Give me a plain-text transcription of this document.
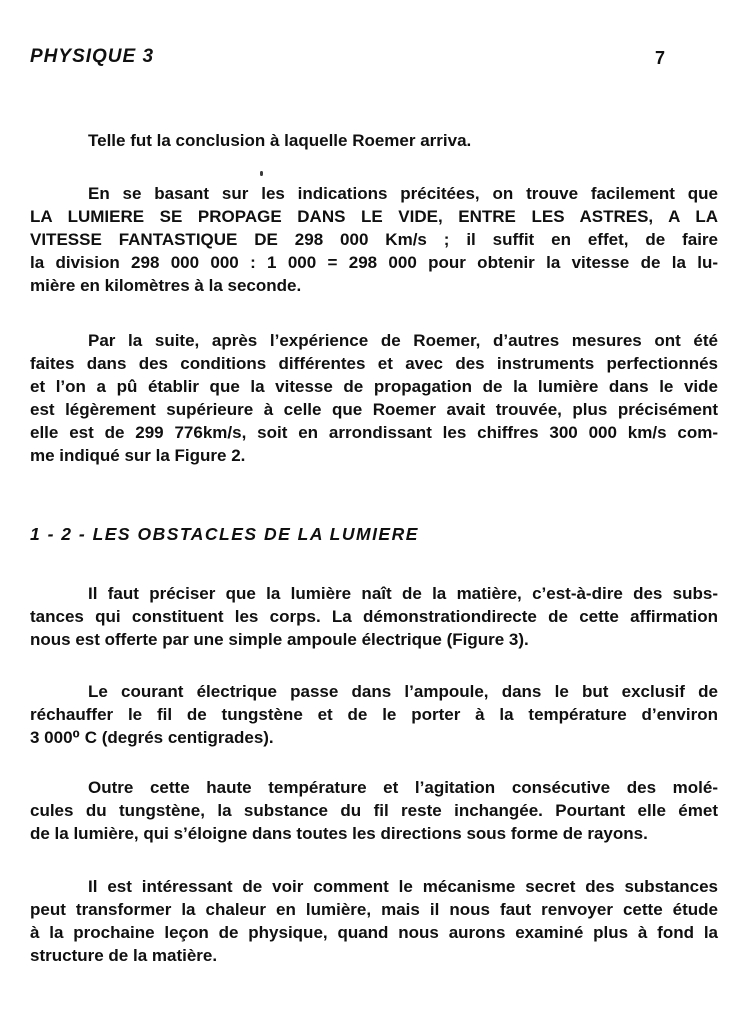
PHYSIQUE 3	7

Telle fut la conclusion à laquelle Roemer arriva.

En se basant sur les indications précitées, on trouve facilement que
LA LUMIERE SE PROPAGE DANS LE VIDE, ENTRE LES ASTRES, A LA
VITESSE FANTASTIQUE DE 298 000 Km/s ; il suffit en effet, de faire
la division 298 000 000 : 1 000 = 298 000 pour obtenir la vitesse de la lu-
mière en kilomètres à la seconde.

Par la suite, après l’expérience de Roemer, d’autres mesures ont été
faites dans des conditions différentes et avec des instruments perfectionnés
et l’on a pû établir que la vitesse de propagation de la lumière dans le vide
est légèrement supérieure à celle que Roemer avait trouvée, plus précisément
elle est de 299 776km/s, soit en arrondissant les chiffres 300 000 km/s com-
me indiqué sur la Figure 2.

1 - 2 - LES OBSTACLES DE LA LUMIERE

Il faut préciser que la lumière naît de la matière, c’est-à-dire des subs-
tances qui constituent les corps. La démonstrationdirecte de cette affirmation
nous est offerte par une simple ampoule électrique (Figure 3).

Le courant électrique passe dans l’ampoule, dans le but exclusif de
réchauffer le fil de tungstène et de le porter à la température d’environ
3 000⁰ C (degrés centigrades).

Outre cette haute température et l’agitation consécutive des molé-
cules du tungstène, la substance du fil reste inchangée. Pourtant elle émet
de la lumière, qui s’éloigne dans toutes les directions sous forme de rayons.

Il est intéressant de voir comment le mécanisme secret des substances
peut transformer la chaleur en lumière, mais il nous faut renvoyer cette étude
à la prochaine leçon de physique, quand nous aurons examiné plus à fond la
structure de la matière.
